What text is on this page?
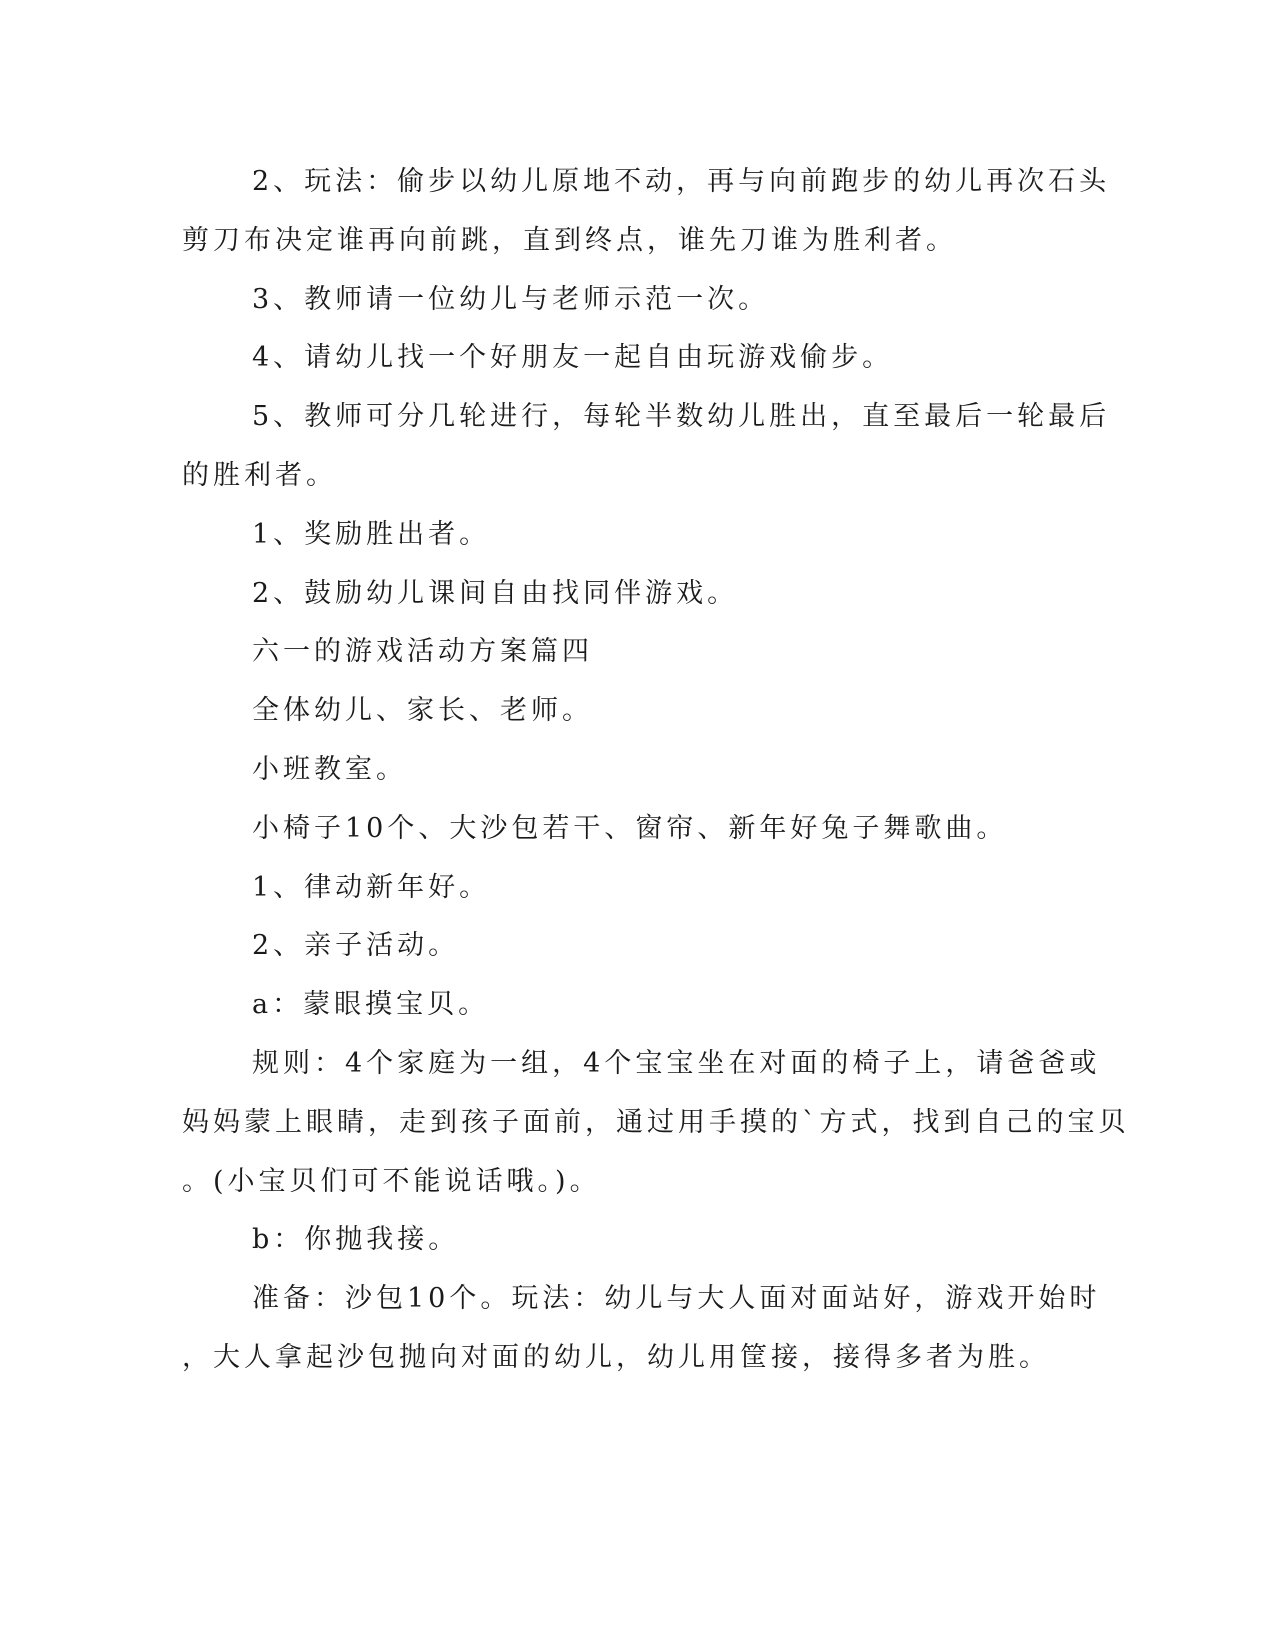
2、玩法：偷步以幼儿原地不动，再与向前跑步的幼儿再次石头
剪刀布决定谁再向前跳，直到终点，谁先刀谁为胜利者。
3、教师请一位幼儿与老师示范一次。
4、请幼儿找一个好朋友一起自由玩游戏偷步。
5、教师可分几轮进行，每轮半数幼儿胜出，直至最后一轮最后
的胜利者。
1、奖励胜出者。
2、鼓励幼儿课间自由找同伴游戏。
六一的游戏活动方案篇四
全体幼儿、家长、老师。
小班教室。
小椅子10个、大沙包若干、窗帘、新年好兔子舞歌曲。
1、律动新年好。
2、亲子活动。
a：蒙眼摸宝贝。
规则：4个家庭为一组，4个宝宝坐在对面的椅子上，请爸爸或
妈妈蒙上眼睛，走到孩子面前，通过用手摸的`方式，找到自己的宝贝
。(小宝贝们可不能说话哦。)。
b：你抛我接。
准备：沙包10个。玩法：幼儿与大人面对面站好，游戏开始时
，大人拿起沙包抛向对面的幼儿，幼儿用筐接，接得多者为胜。
